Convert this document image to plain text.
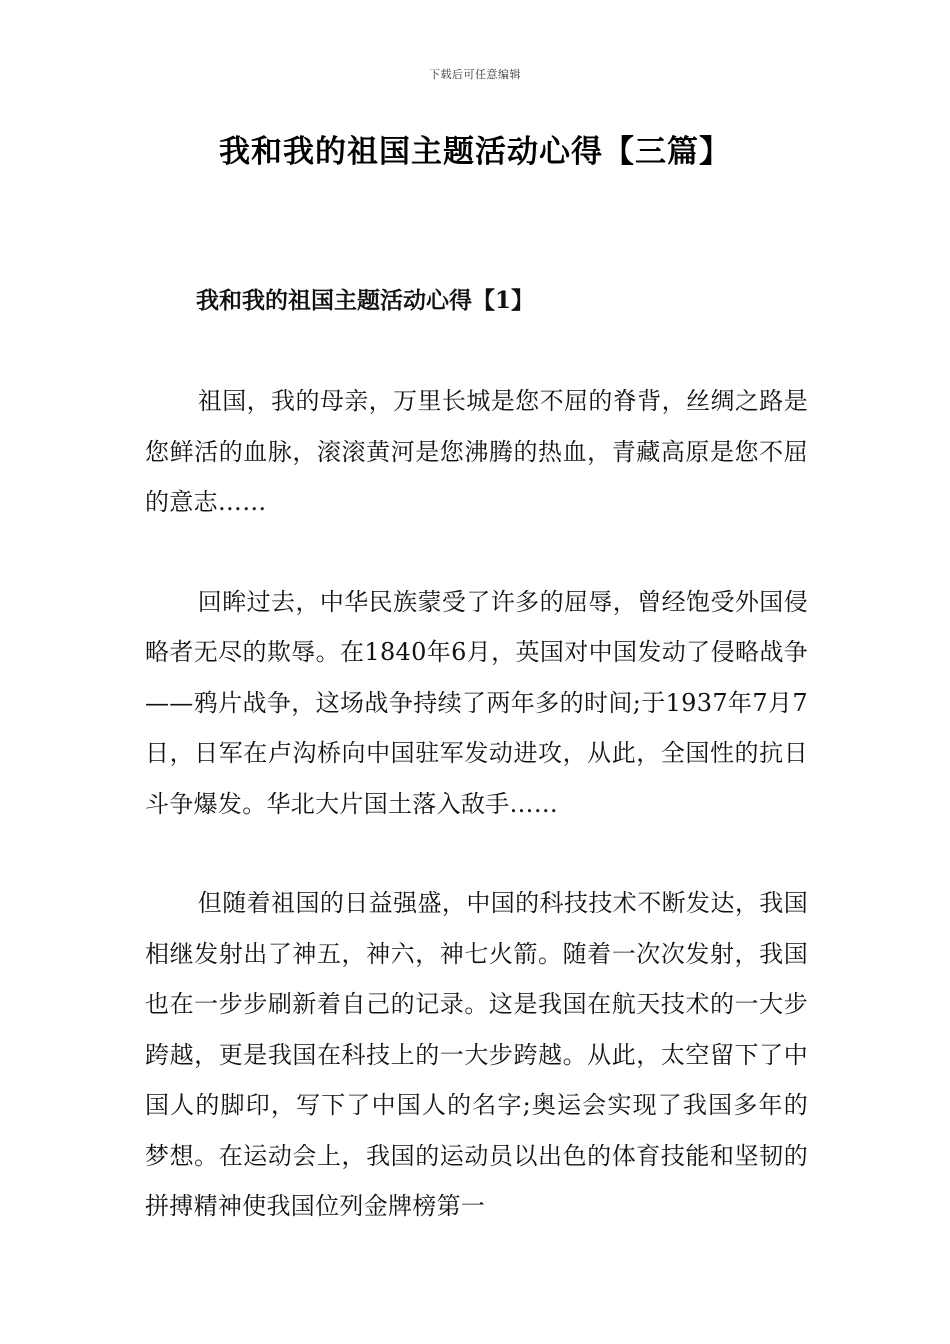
下载后可任意编辑
我和我的祖国主题活动心得【三篇】
我和我的祖国主题活动心得【1】

祖国，我的母亲，万里长城是您不屈的脊背，丝绸之路是您鲜活的血脉，滚滚黄河是您沸腾的热血，青藏高原是您不屈的意志……

回眸过去，中华民族蒙受了许多的屈辱，曾经饱受外国侵略者无尽的欺辱。在1840年6月，英国对中国发动了侵略战争——鸦片战争，这场战争持续了两年多的时间;于1937年7月7日，日军在卢沟桥向中国驻军发动进攻，从此，全国性的抗日斗争爆发。华北大片国土落入敌手……

但随着祖国的日益强盛，中国的科技技术不断发达，我国相继发射出了神五，神六，神七火箭。随着一次次发射，我国也在一步步刷新着自己的记录。这是我国在航天技术的一大步跨越，更是我国在科技上的一大步跨越。从此，太空留下了中国人的脚印，写下了中国人的名字;奥运会实现了我国多年的梦想。在运动会上，我国的运动员以出色的体育技能和坚韧的拼搏精神使我国位列金牌榜第一
